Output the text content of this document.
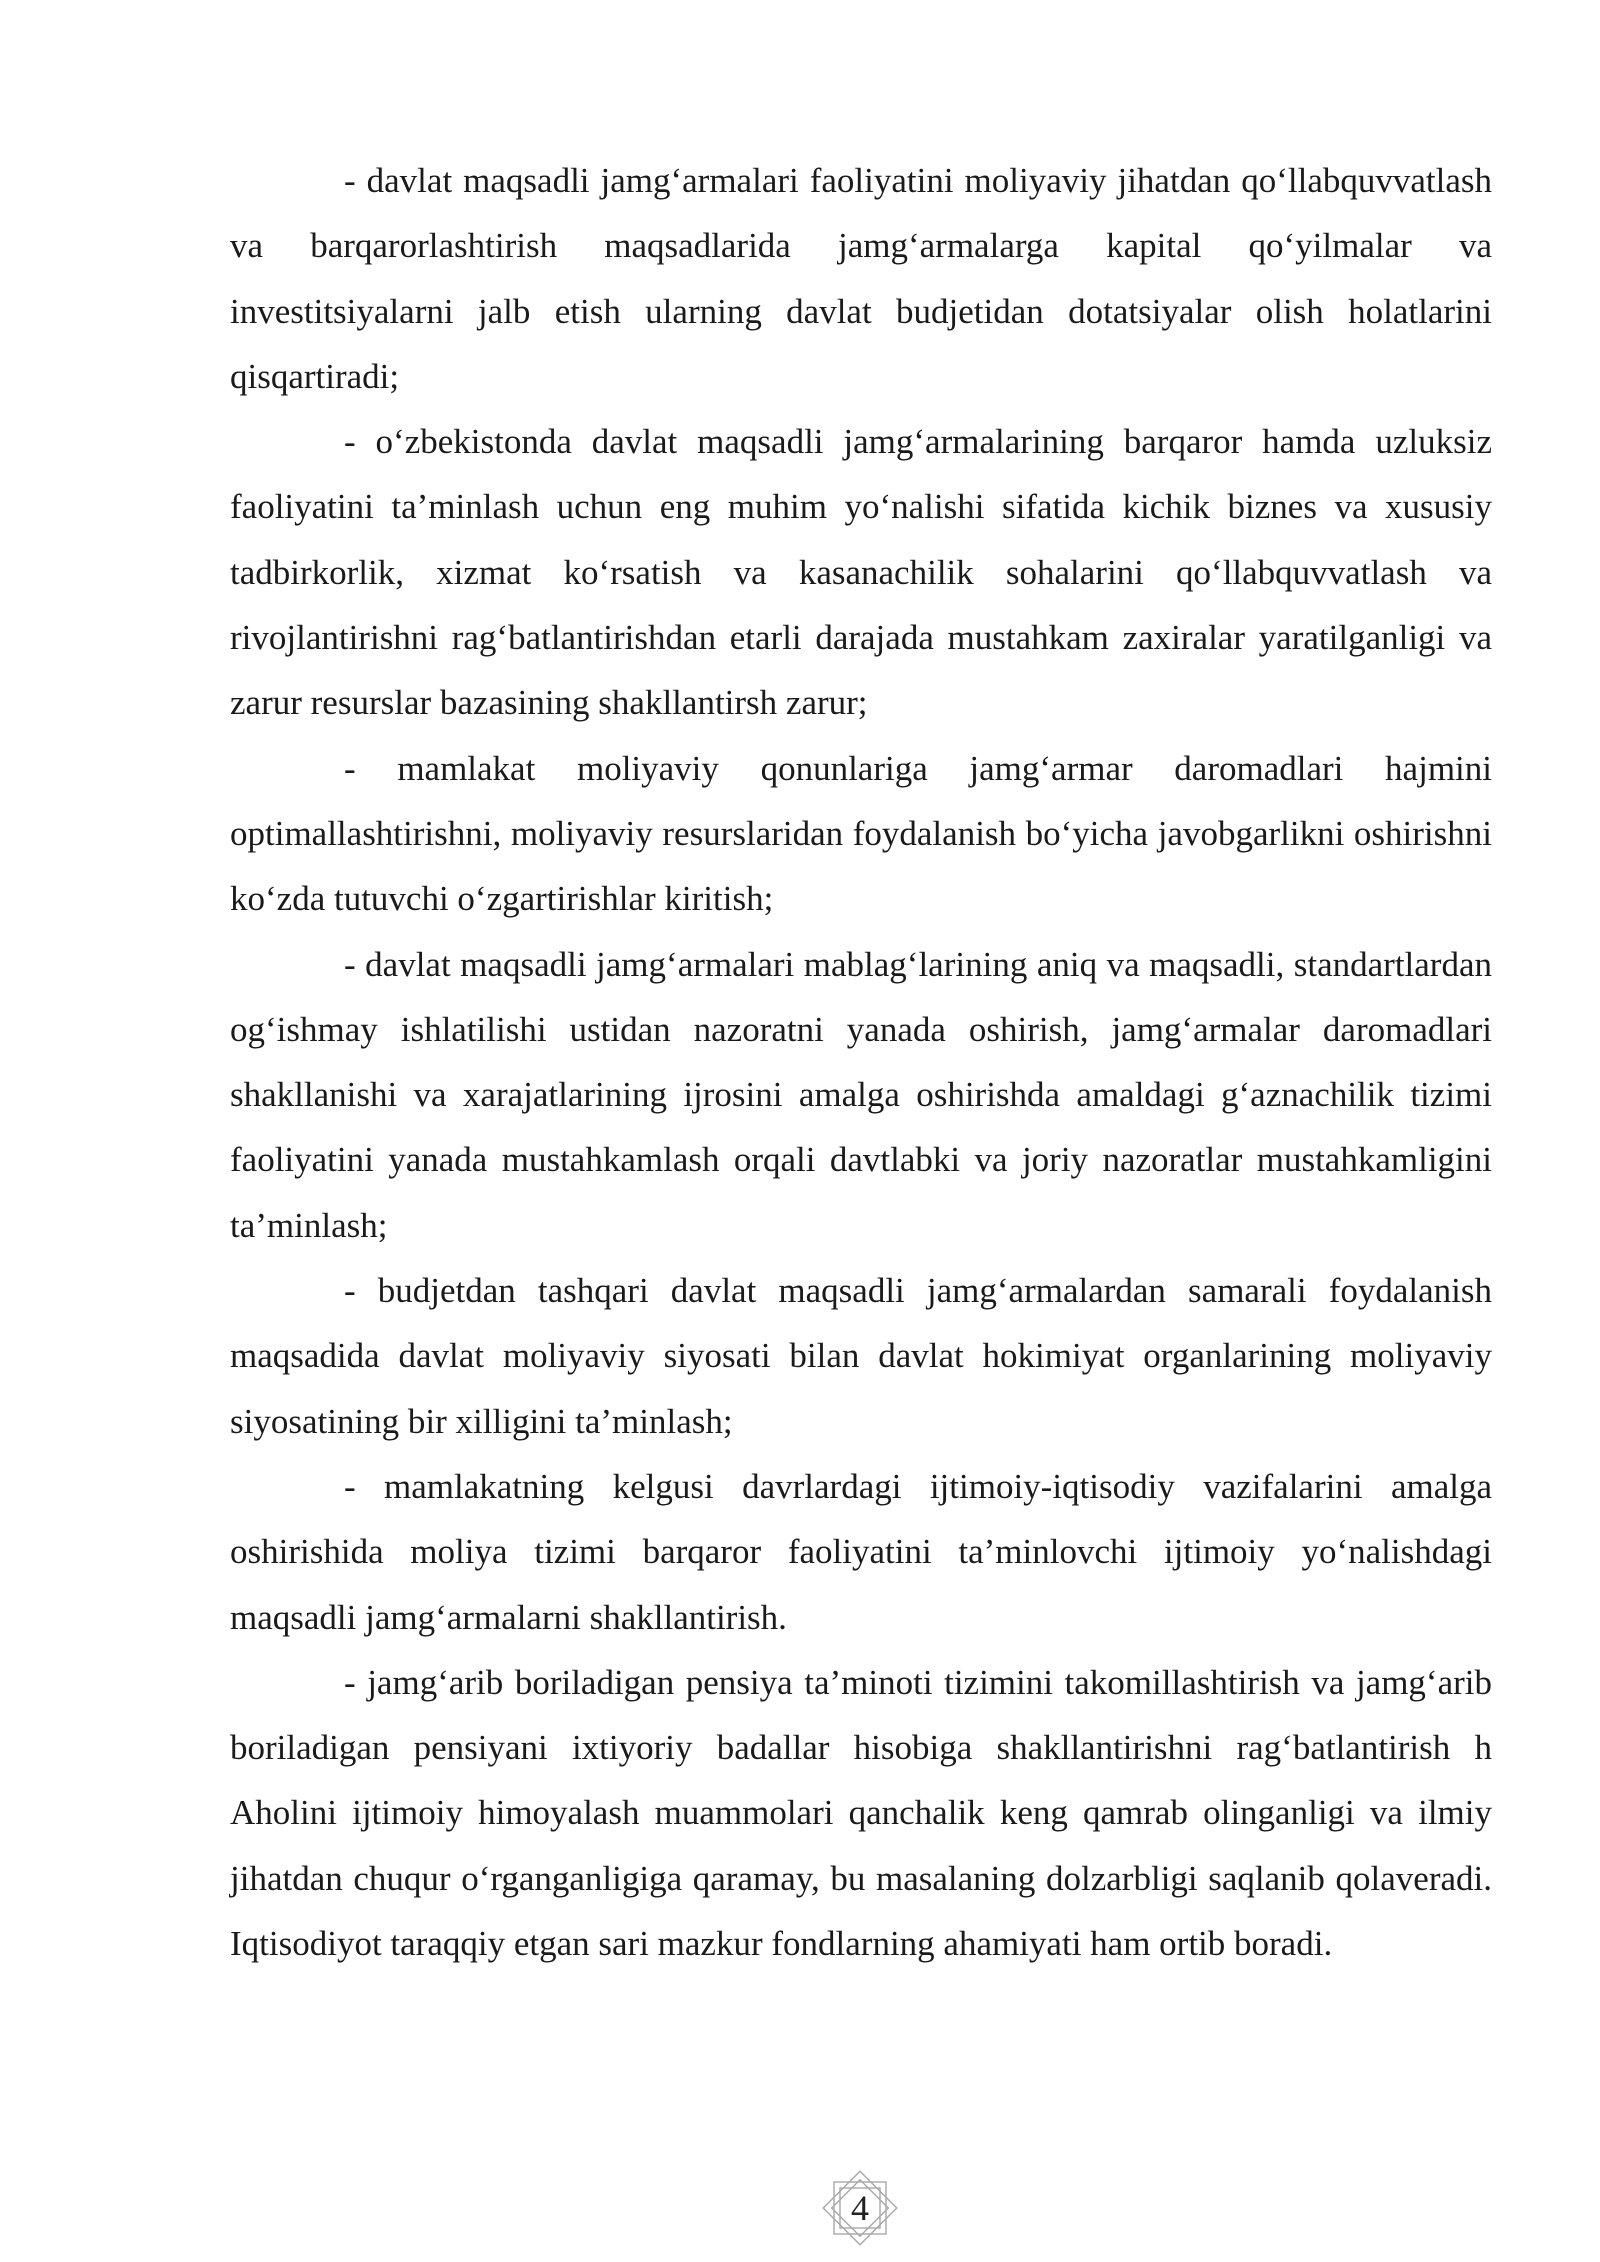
- davlat maqsadli jamg‘armalari faoliyatini moliyaviy jihatdan qo‘llabquvvatlash va barqarorlashtirish maqsadlarida jamg‘armalarga kapital qo‘yilmalar va investitsiyalarni jalb etish ularning davlat budjetidan dotatsiyalar olish holatlarini qisqartiradi;

- o‘zbekistonda davlat maqsadli jamg‘armalarining barqaror hamda uzluksiz faoliyatini ta’minlash uchun eng muhim yo‘nalishi sifatida kichik biznes va xususiy tadbirkorlik, xizmat ko‘rsatish va kasanachilik sohalarini qo‘llabquvvatlash va rivojlantirishni rag‘batlantirishdan etarli darajada mustahkam zaxiralar yaratilganligi va zarur resurslar bazasining shakllantirsh zarur;

- mamlakat moliyaviy qonunlariga jamg‘armar daromadlari hajmini optimallashtirishni, moliyaviy resurslaridan foydalanish bo‘yicha javobgarlikni oshirishni ko‘zda tutuvchi o‘zgartirishlar kiritish;

- davlat maqsadli jamg‘armalari mablag‘larining aniq va maqsadli, standartlardan og‘ishmay ishlatilishi ustidan nazoratni yanada oshirish, jamg‘armalar daromadlari shakllanishi va xarajatlarining ijrosini amalga oshirishda amaldagi g‘aznachilik tizimi faoliyatini yanada mustahkamlash orqali davtlabki va joriy nazoratlar mustahkamligini ta’minlash;

- budjetdan tashqari davlat maqsadli jamg‘armalardan samarali foydalanish maqsadida davlat moliyaviy siyosati bilan davlat hokimiyat organlarining moliyaviy siyosatining bir xilligini ta’minlash;

- mamlakatning kelgusi davrlardagi ijtimoiy-iqtisodiy vazifalarini amalga oshirishida moliya tizimi barqaror faoliyatini ta’minlovchi ijtimoiy yo‘nalishdagi maqsadli jamg‘armalarni shakllantirish.

- jamg‘arib boriladigan pensiya ta’minoti tizimini takomillashtirish va jamg‘arib boriladigan pensiyani ixtiyoriy badallar hisobiga shakllantirishni rag‘batlantirish h Aholini ijtimoiy himoyalash muammolari qanchalik keng qamrab olinganligi va ilmiy jihatdan chuqur o‘rganganligiga qaramay, bu masalaning dolzarbligi saqlanib qolaveradi. Iqtisodiyot taraqqiy etgan sari mazkur fondlarning ahamiyati ham ortib boradi.

4
